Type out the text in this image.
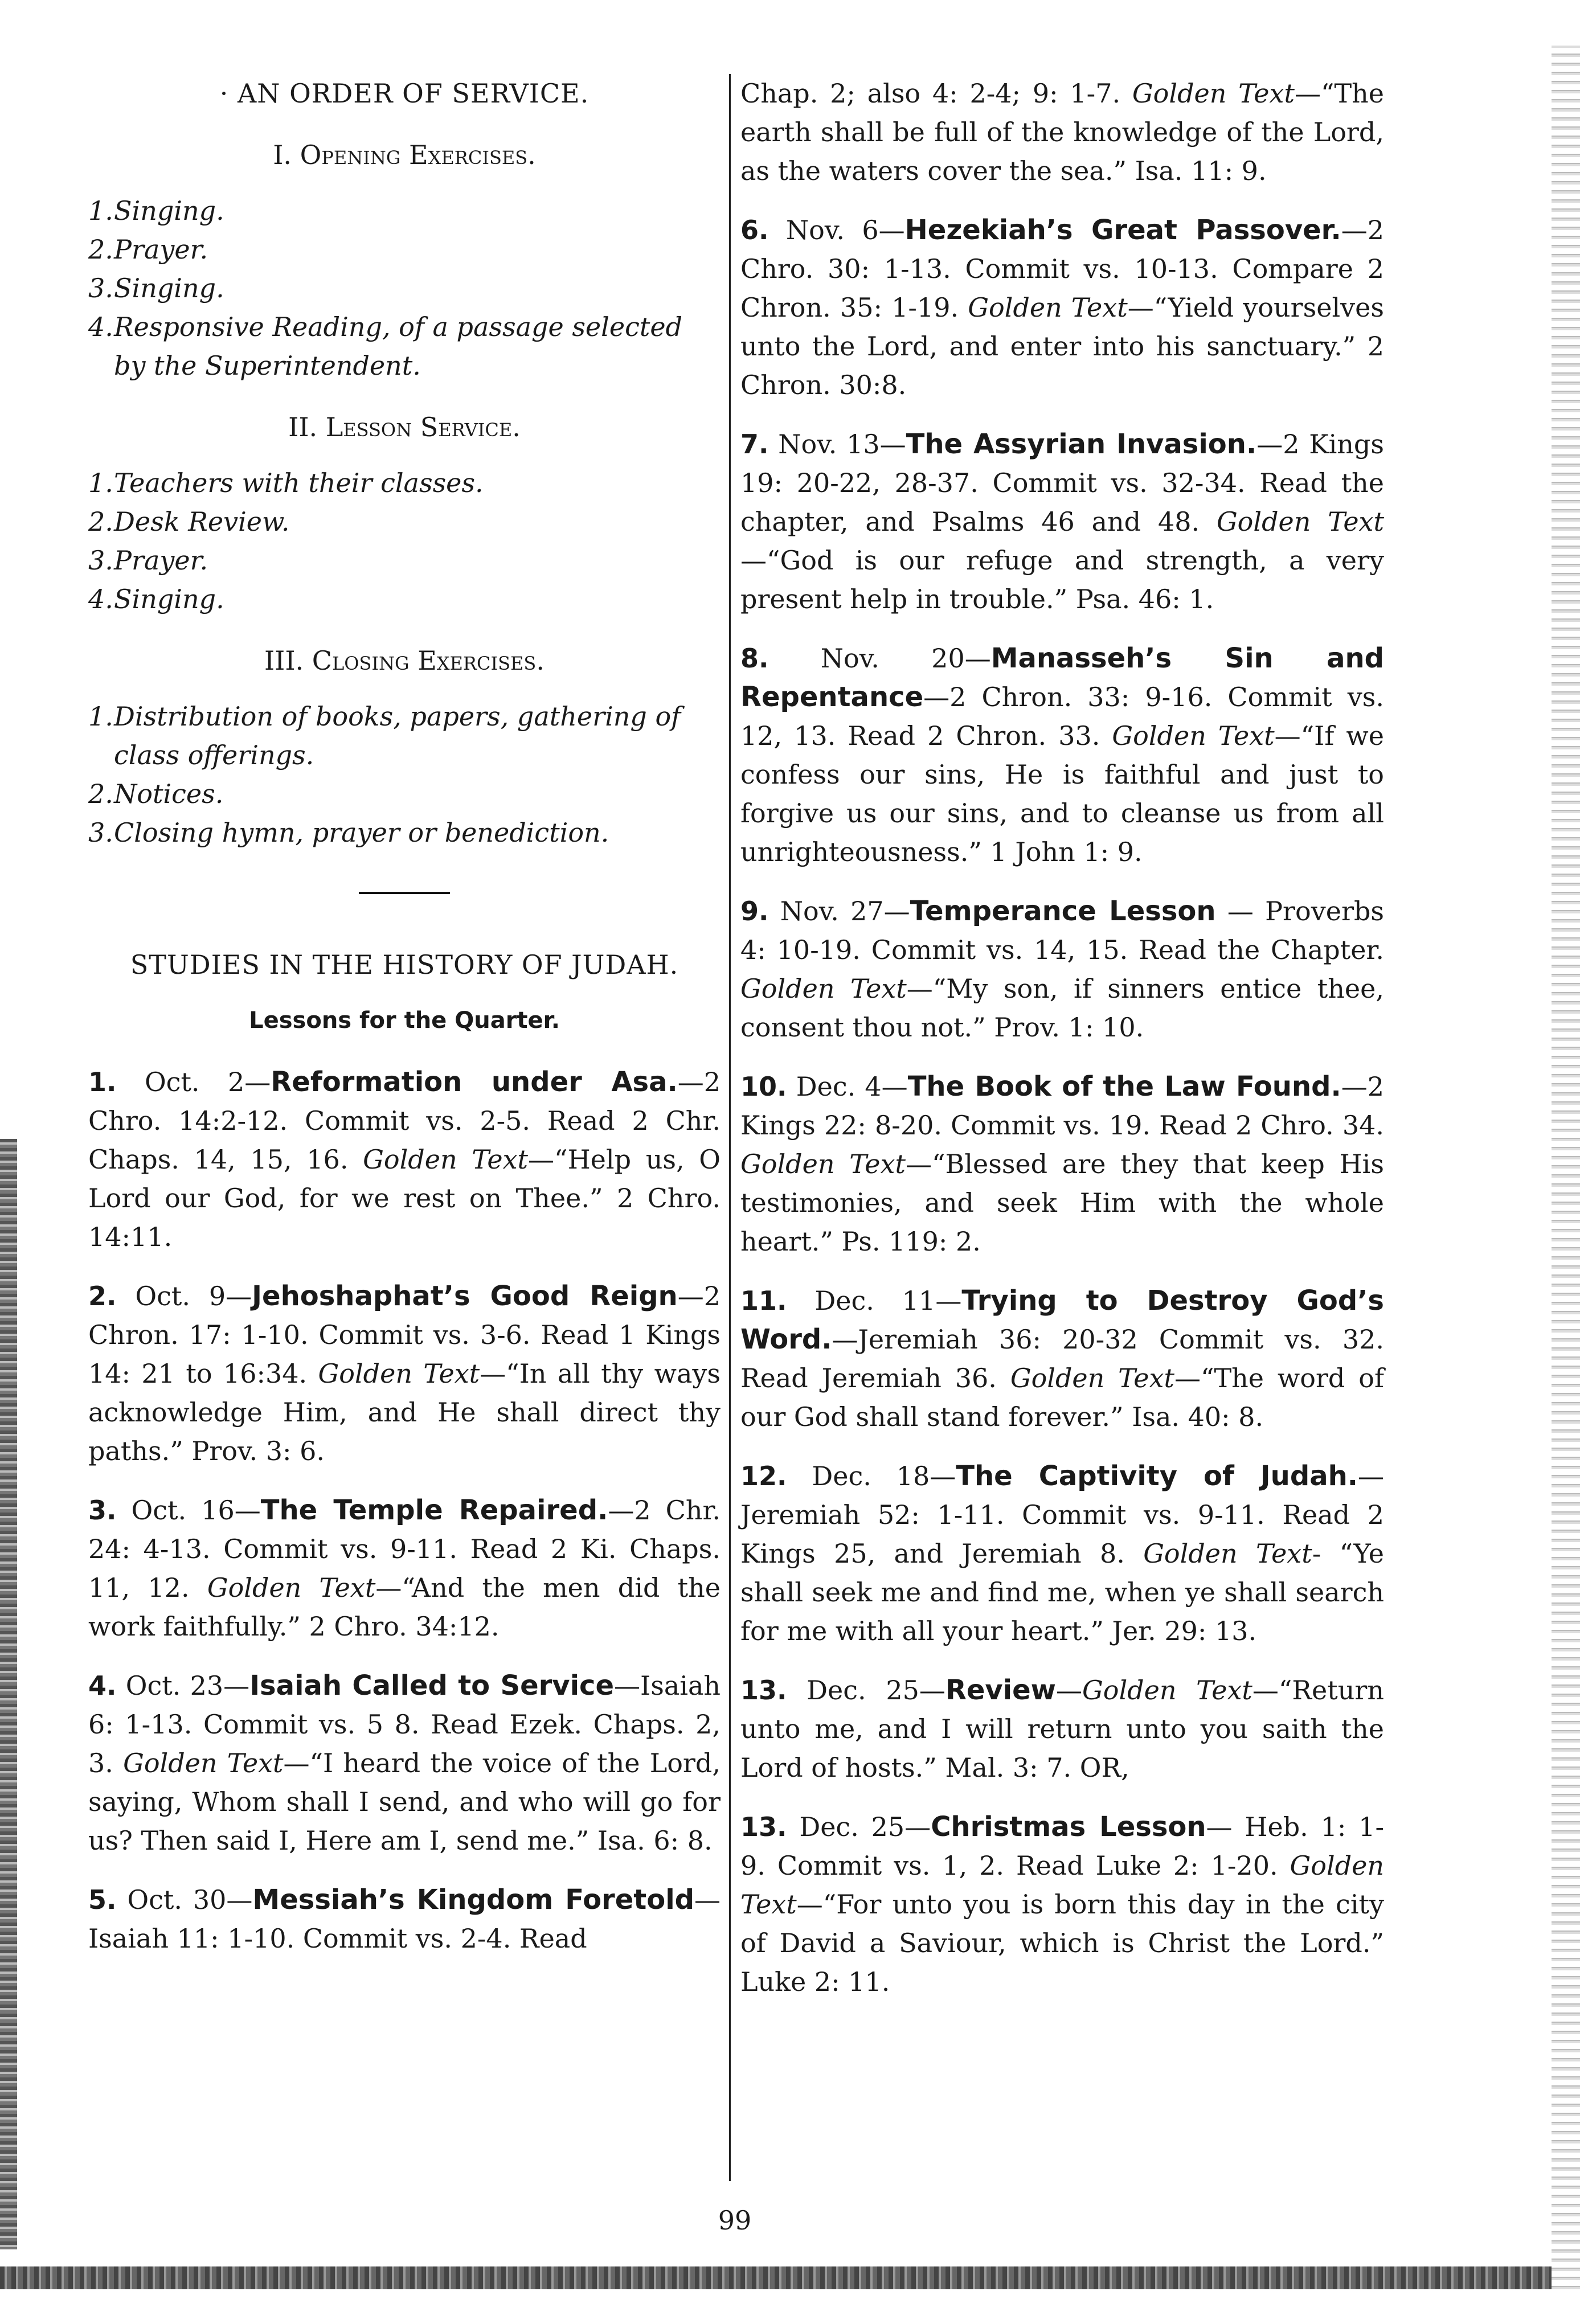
· AN ORDER OF SERVICE.
I. Opening Exercises.

1.Singing.

2.Prayer.

3.Singing.

4.Responsive Reading, of a passage selected by the Superintendent.

II. Lesson Service.

1.Teachers with their classes.

2.Desk Review.

3.Prayer.

4.Singing.

III. Closing Exercises.

1.Distribution of books, papers, gathering of class offerings.

2.Notices.

3.Closing hymn, prayer or benediction.

STUDIES IN THE HISTORY OF JUDAH.
Lessons for the Quarter.

1. Oct. 2—Reformation under Asa.—2 Chro. 14:2-12. Commit vs. 2-5. Read 2 Chr. Chaps. 14, 15, 16. Golden Text—“Help us, O Lord our God, for we rest on Thee.” 2 Chro. 14:11.

2. Oct. 9—Jehoshaphat’s Good Reign—2 Chron. 17: 1-10. Commit vs. 3-6. Read 1 Kings 14: 21 to 16:34. Golden Text—“In all thy ways acknowledge Him, and He shall direct thy paths.” Prov. 3: 6.

3. Oct. 16—The Temple Repaired.—2 Chr. 24: 4-13. Commit vs. 9-11. Read 2 Ki. Chaps. 11, 12. Golden Text—“And the men did the work faithfully.” 2 Chro. 34:12.

4. Oct. 23—Isaiah Called to Service—Isaiah 6: 1-13. Commit vs. 5 8. Read Ezek. Chaps. 2, 3. Golden Text—“I heard the voice of the Lord, saying, Whom shall I send, and who will go for us? Then said I, Here am I, send me.” Isa. 6: 8.

5. Oct. 30—Messiah’s Kingdom Foretold—Isaiah 11: 1-10. Commit vs. 2-4. Read

Chap. 2; also 4: 2-4; 9: 1-7. Golden Text—“The earth shall be full of the knowledge of the Lord, as the waters cover the sea.” Isa. 11: 9.

6. Nov. 6—Hezekiah’s Great Passover.—2 Chro. 30: 1-13. Commit vs. 10-13. Compare 2 Chron. 35: 1-19. Golden Text—“Yield yourselves unto the Lord, and enter into his sanctuary.” 2 Chron. 30:8.

7. Nov. 13—The Assyrian Invasion.—2 Kings 19: 20-22, 28-37. Commit vs. 32-34. Read the chapter, and Psalms 46 and 48. Golden Text—“God is our refuge and strength, a very present help in trouble.” Psa. 46: 1.

8. Nov. 20—Manasseh’s Sin and Repentance—2 Chron. 33: 9-16. Commit vs. 12, 13. Read 2 Chron. 33. Golden Text—“If we confess our sins, He is faithful and just to forgive us our sins, and to cleanse us from all unrighteousness.” 1 John 1: 9.

9. Nov. 27—Temperance Lesson — Proverbs 4: 10-19. Commit vs. 14, 15. Read the Chapter. Golden Text—“My son, if sinners entice thee, consent thou not.” Prov. 1: 10.

10. Dec. 4—The Book of the Law Found.—2 Kings 22: 8-20. Commit vs. 19. Read 2 Chro. 34. Golden Text—“Blessed are they that keep His testimonies, and seek Him with the whole heart.” Ps. 119: 2.

11. Dec. 11—Trying to Destroy God’s Word.—Jeremiah 36: 20-32 Commit vs. 32. Read Jeremiah 36. Golden Text—“The word of our God shall stand forever.” Isa. 40: 8.

12. Dec. 18—The Captivity of Judah.—Jeremiah 52: 1-11. Commit vs. 9-11. Read 2 Kings 25, and Jeremiah 8. Golden Text- “Ye shall seek me and find me, when ye shall search for me with all your heart.” Jer. 29: 13.

13. Dec. 25—Review—Golden Text—“Return unto me, and I will return unto you saith the Lord of hosts.” Mal. 3: 7. OR,

13. Dec. 25—Christmas Lesson— Heb. 1: 1-9. Commit vs. 1, 2. Read Luke 2: 1-20. Golden Text—“For unto you is born this day in the city of David a Saviour, which is Christ the Lord.” Luke 2: 11.

99
